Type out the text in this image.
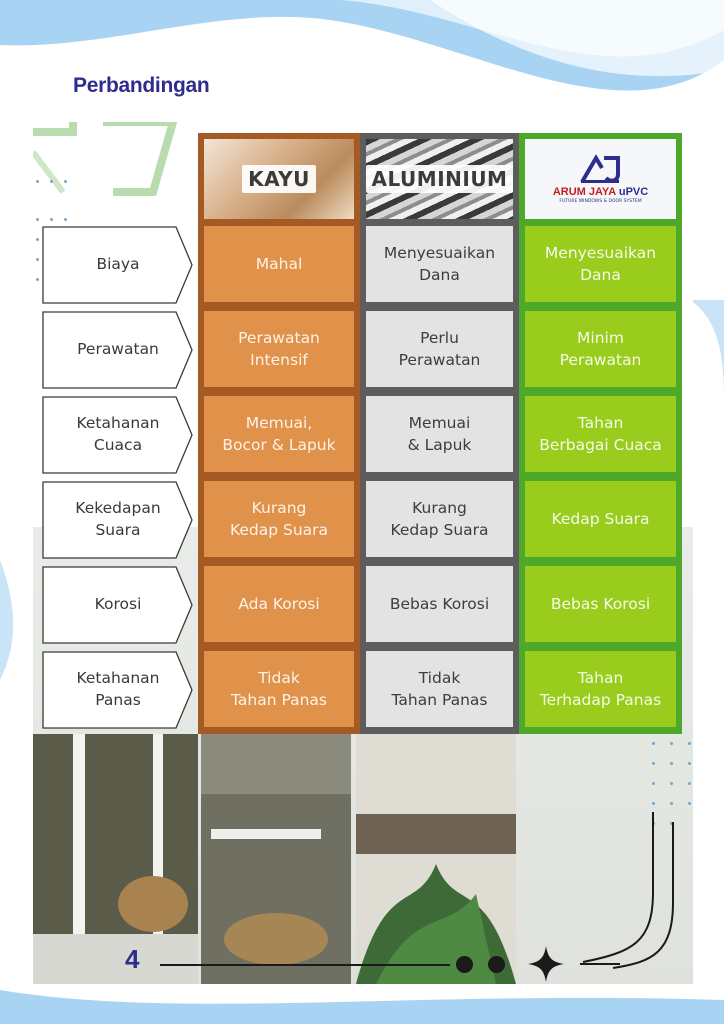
Perbandingan
Biaya
Perawatan
Ketahanan
Cuaca
Kekedapan
Suara
Korosi
Ketahanan
Panas
KAYU
Mahal
Perawatan
Intensif
Memuai,
Bocor & Lapuk
Kurang
Kedap Suara
Ada Korosi
Tidak
Tahan Panas
ALUMINIUM
Menyesuaikan
Dana
Perlu
Perawatan
Memuai
& Lapuk
Kurang
Kedap Suara
Bebas Korosi
Tidak
Tahan Panas
ARUM JAYA uPVC
FUTURE WINDOWS & DOOR SYSTEM
Menyesuaikan
Dana
Minim
Perawatan
Tahan
Berbagai Cuaca
Kedap Suara
Bebas Korosi
Tahan
Terhadap Panas
4
